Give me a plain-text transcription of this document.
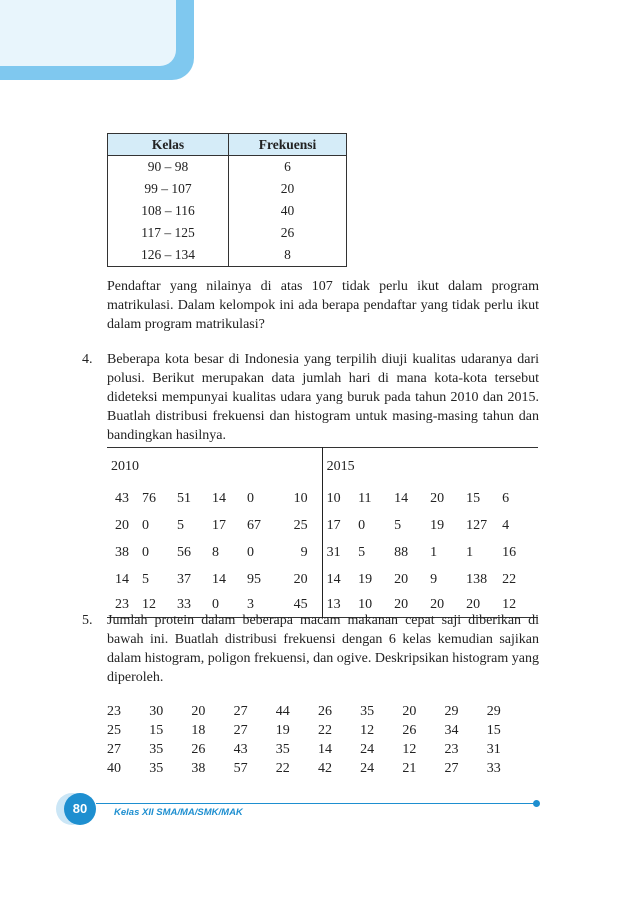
Kelas	Frekuensi
90 – 98	6
99 – 107	20
108 – 116	40
117 – 125	26
126 – 134	8

Pendaftar yang nilainya di atas 107 tidak perlu ikut dalam program matrikulasi. Dalam kelompok ini ada berapa pendaftar yang tidak perlu ikut dalam program matrikulasi?

4. Beberapa kota besar di Indonesia yang terpilih diuji kualitas udaranya dari polusi. Berikut merupakan data jumlah hari di mana kota-kota tersebut dideteksi mempunyai kualitas udara yang buruk pada tahun 2010 dan 2015. Buatlah distribusi frekuensi dan histogram untuk masing-masing tahun dan bandingkan hasilnya.

2010						2015					
43	76	51	14	0	10	10	11	14	20	15	6
20	0	5	17	67	25	17	0	5	19	127	4
38	0	56	8	0	9	31	5	88	1	1	16
14	5	37	14	95	20	14	19	20	9	138	22
23	12	33	0	3	45	13	10	20	20	20	12
5. Jumlah protein dalam beberapa macam makanan cepat saji diberikan di bawah ini. Buatlah distribusi frekuensi dengan 6 kelas kemudian sajikan dalam histogram, poligon frekuensi, dan ogive. Deskripsikan histogram yang diperoleh.

23	30	20	27	44	26	35	20	29	29
25	15	18	27	19	22	12	26	34	15
27	35	26	43	35	14	24	12	23	31
40	35	38	57	22	42	24	21	27	33
80	Kelas XII SMA/MA/SMK/MAK
